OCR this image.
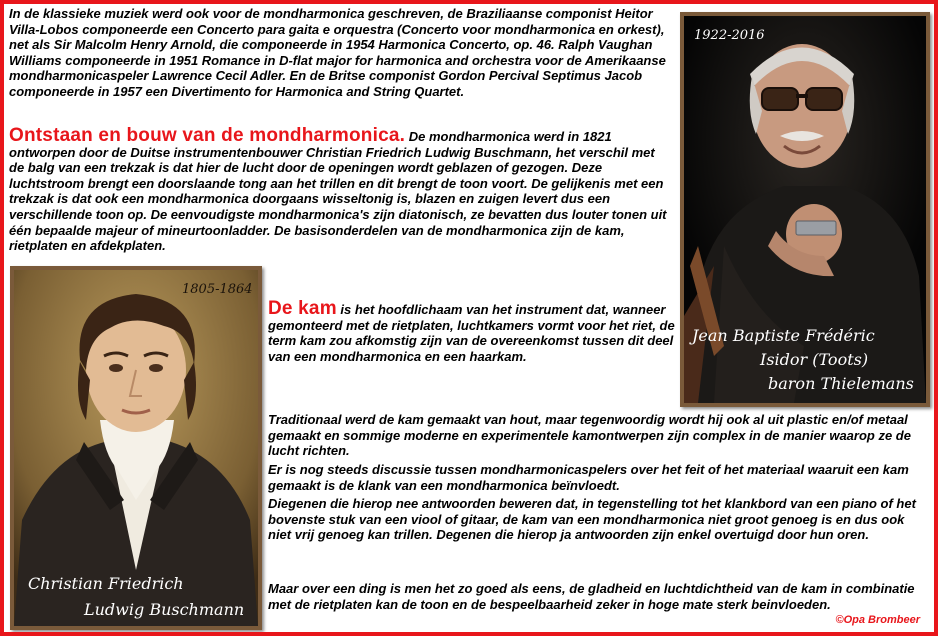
In de klassieke muziek werd ook voor de mondharmonica geschreven, de Braziliaanse componist Heitor Villa-Lobos componeerde een Concerto para gaita e orquestra (Concerto voor mondharmonica en orkest), net als Sir Malcolm Henry Arnold, die componeerde in 1954 Harmonica Concerto, op. 46. Ralph Vaughan Williams componeerde in 1951 Romance in D-flat major for harmonica and orchestra voor de Amerikaanse mondharmonicaspeler Lawrence Cecil Adler. En de Britse componist Gordon Percival Septimus Jacob componeerde in 1957 een Divertimento for Harmonica and String Quartet.

Ontstaan en bouw van de mondharmonica. De mondharmonica werd in 1821 ontworpen door de Duitse instrumentenbouwer Christian Friedrich Ludwig Buschmann, het verschil met de balg van een trekzak is dat hier de lucht door de openingen wordt geblazen of gezogen. Deze luchtstroom brengt een doorslaande tong aan het trillen en dit brengt de toon voort. De gelijkenis met een trekzak is dat ook een mondharmonica doorgaans wisseltonig is, blazen en zuigen levert dus een verschillende toon op. De eenvoudigste mondharmonica's zijn diatonisch, ze bevatten dus louter tonen uit één bepaalde majeur of mineurtoonladder. De basisonderdelen van de mondharmonica zijn de kam, rietplaten en afdekplaten.

De kam is het hoofdlichaam van het instrument dat, wanneer gemonteerd met de rietplaten, luchtkamers vormt voor het riet, de term kam zou afkomstig zijn van de overeenkomst tussen dit deel van een mondharmonica en een haarkam.

Traditionaal werd de kam gemaakt van hout, maar tegenwoordig wordt hij ook al uit plastic en/of metaal gemaakt en sommige moderne en experimentele kamontwerpen zijn complex in de manier waarop ze de lucht richten.

Er is nog steeds discussie tussen mondharmonicaspelers over het feit of het materiaal waaruit een kam gemaakt is de klank van een mondharmonica beïnvloedt.

Diegenen die hierop nee antwoorden beweren dat, in tegenstelling tot het klankbord van een piano of het bovenste stuk van een viool of gitaar, de kam van een mondharmonica niet groot genoeg is en dus ook niet vrij genoeg kan trillen. Degenen die hierop ja antwoorden zijn enkel overtuigd door hun oren.

Maar over een ding is men het zo goed als eens, de gladheid en luchtdichtheid van de kam in combinatie met de rietplaten kan de toon en de bespeelbaarheid zeker in hoge mate sterk beinvloeden.

1922-2016
Jean Baptiste Frédéric
Isidor (Toots)
baron Thielemans
1805-1864
Christian Friedrich
Ludwig Buschmann
©Opa Brombeer
